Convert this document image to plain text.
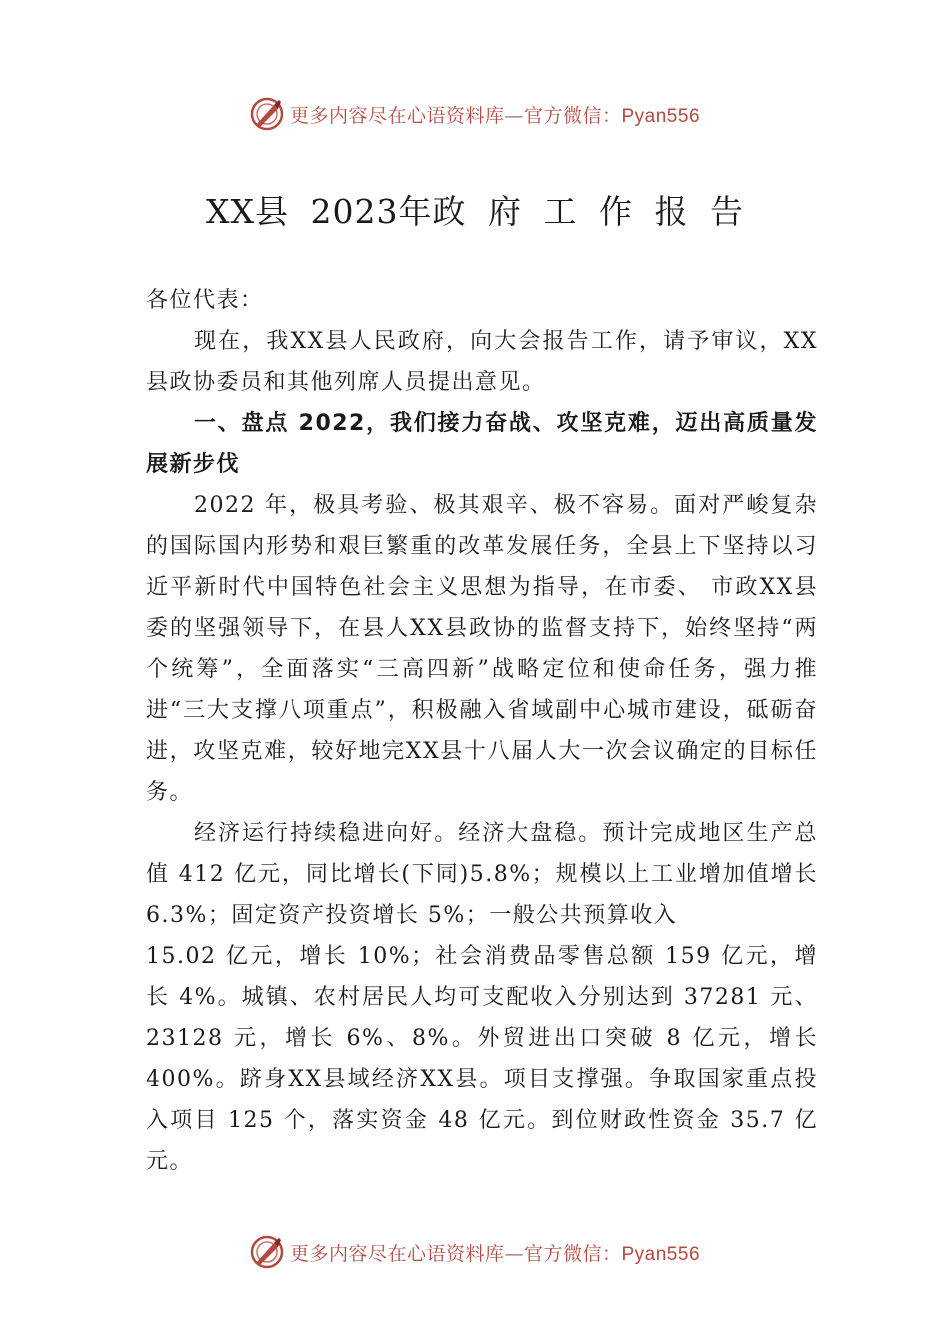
更多内容尽在心语资料库—官方微信：Pyan556
XX县 2023年政 府 工 作 报 告

各位代表：

现在，我XX县人民政府，向大会报告工作，请予审议，XX县政协委员和其他列席人员提出意见。

一、盘点 2022，我们接力奋战、攻坚克难，迈出高质量发展新步伐

2022 年，极具考验、极其艰辛、极不容易。面对严峻复杂的国际国内形势和艰巨繁重的改革发展任务，全县上下坚持以习近平新时代中国特色社会主义思想为指导，在市委、 市政XX县委的坚强领导下，在县人XX县政协的监督支持下，始终坚持“两个统筹”，全面落实“三高四新”战略定位和使命任务，强力推进“三大支撑八项重点”，积极融入省域副中心城市建设，砥砺奋进，攻坚克难，较好地完XX县十八届人大一次会议确定的目标任务。

经济运行持续稳进向好。经济大盘稳。预计完成地区生产总值 412 亿元，同比增长(下同)5.8%；规模以上工业增加值增长 6.3%；固定资产投资增长 5%；一般公共预算收入

15.02 亿元，增长 10%；社会消费品零售总额 159 亿元，增长 4%。城镇、农村居民人均可支配收入分别达到 37281 元、23128 元，增长 6%、8%。外贸进出口突破 8 亿元，增长400%。跻身XX县域经济XX县。项目支撑强。争取国家重点投入项目 125 个，落实资金 48 亿元。到位财政性资金 35.7 亿元。

更多内容尽在心语资料库—官方微信：Pyan556
